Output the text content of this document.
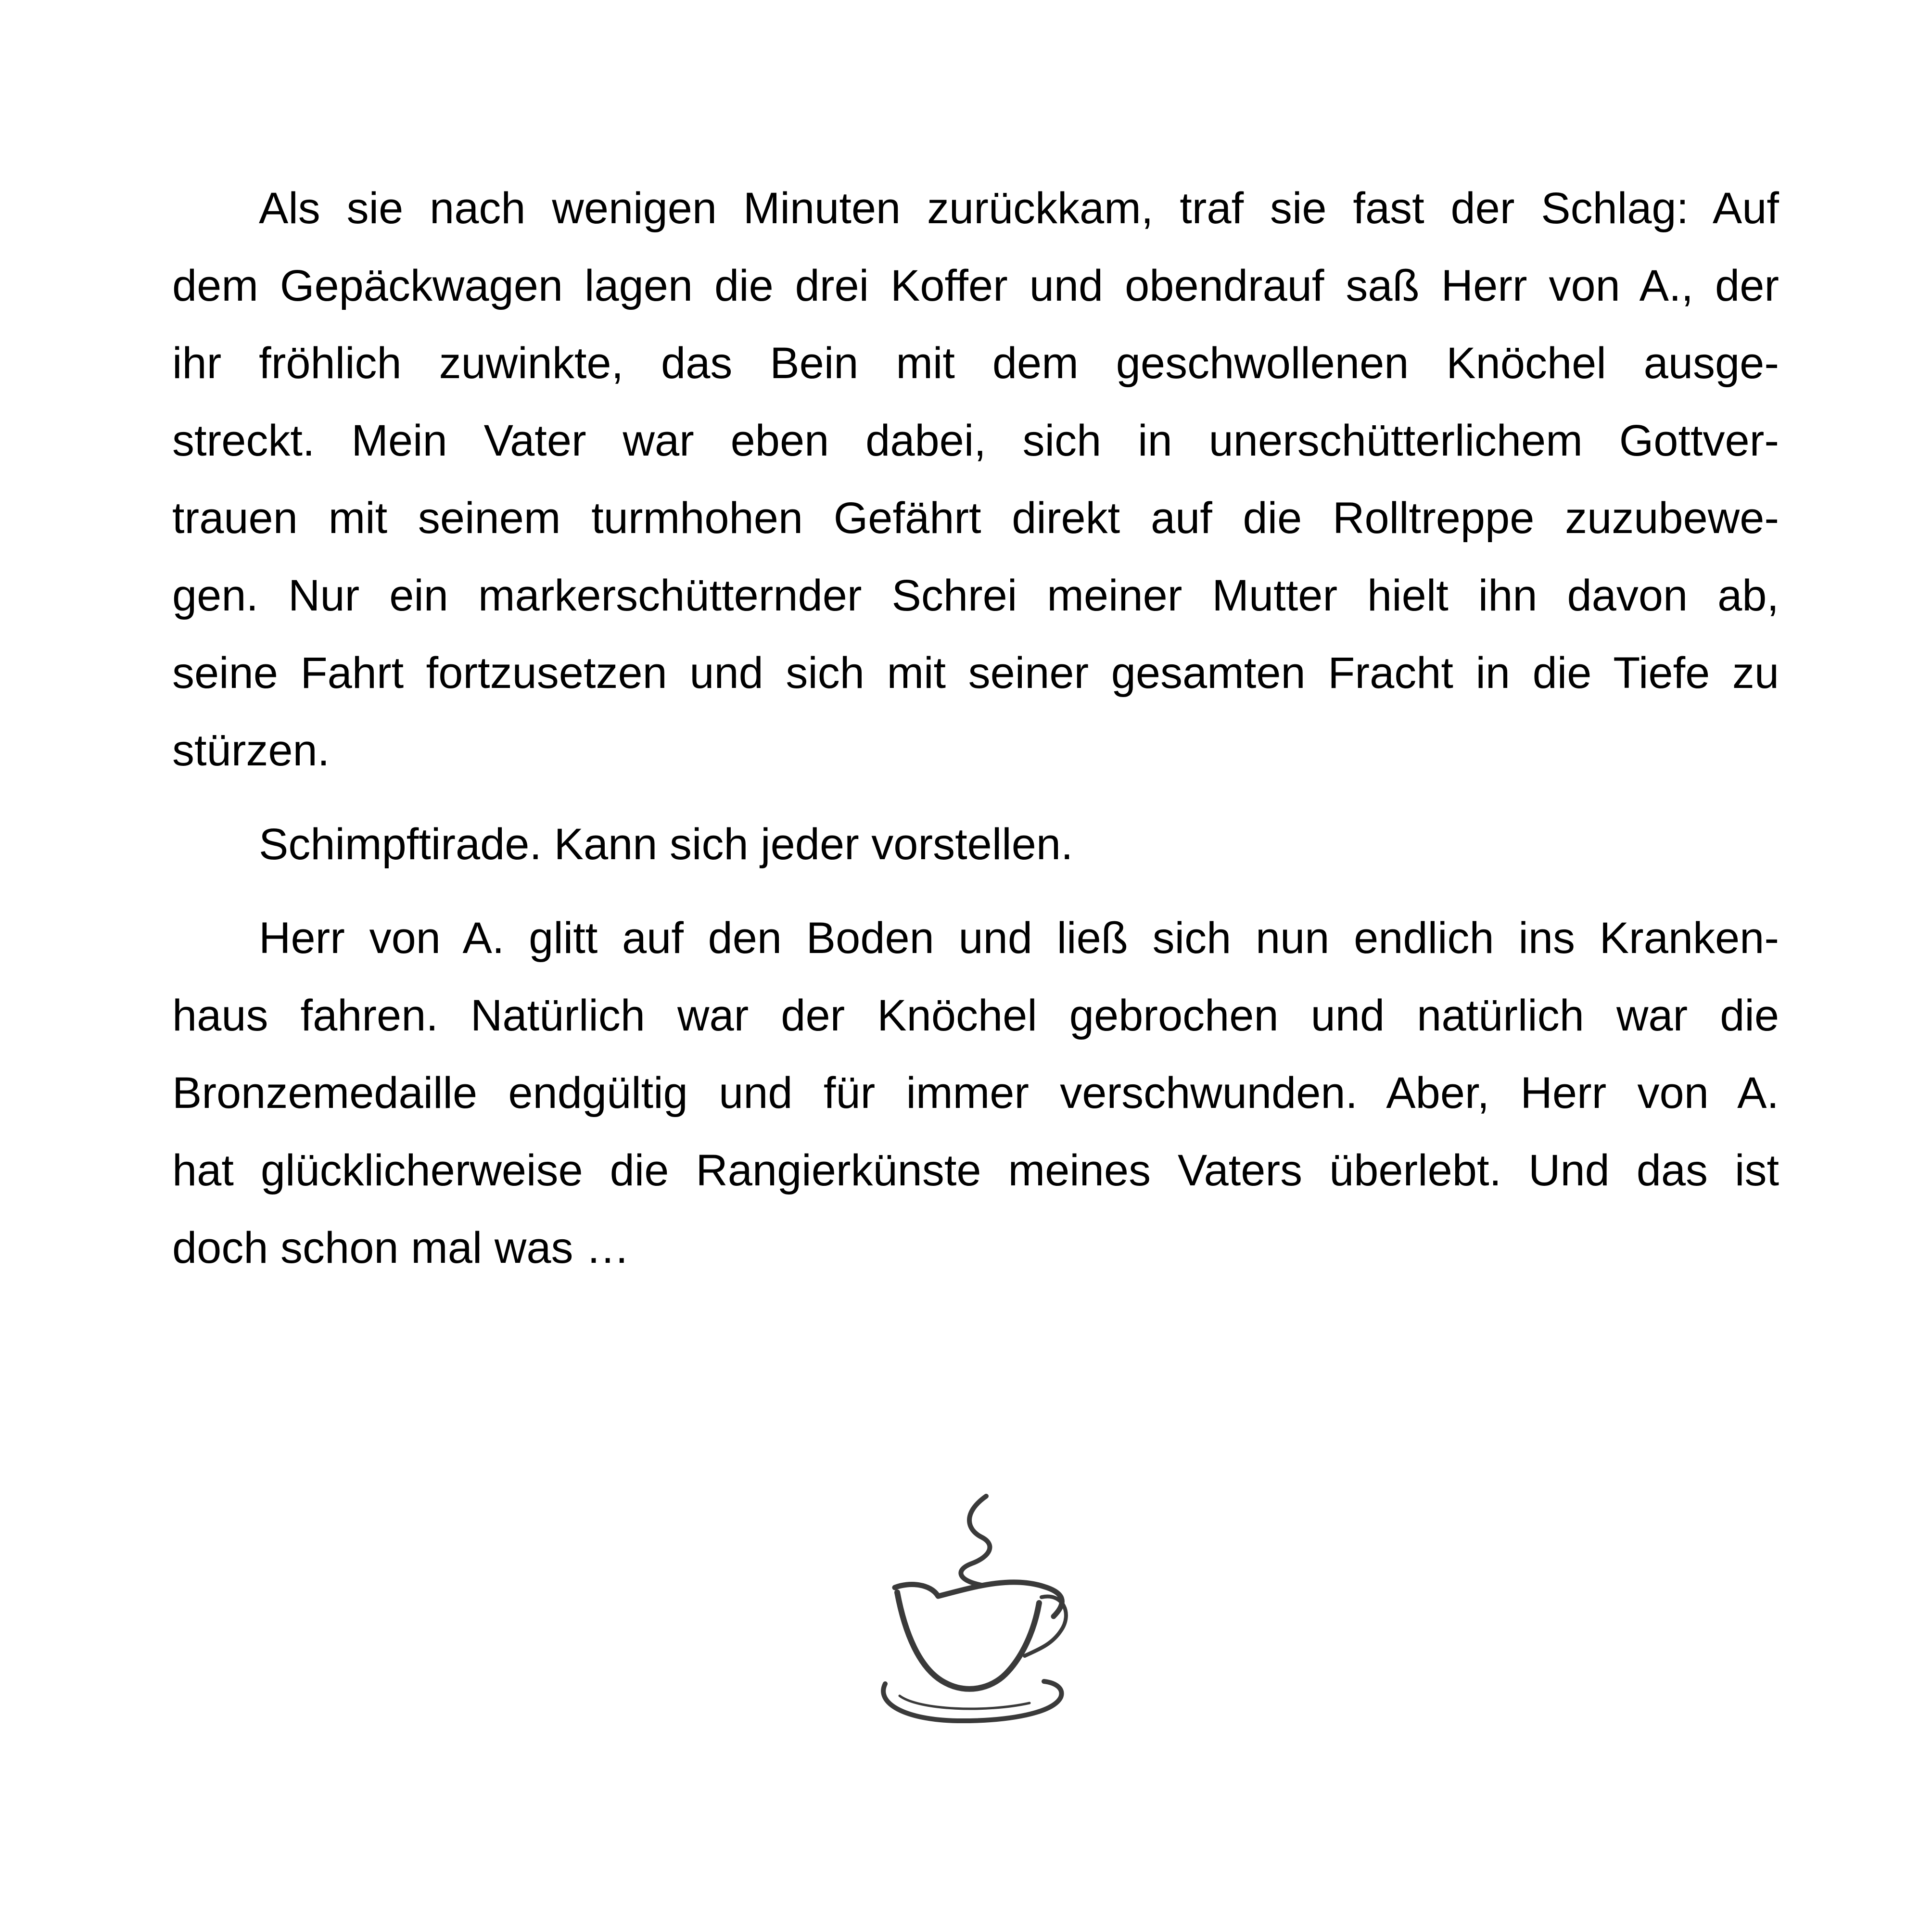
Als sie nach wenigen Minuten zurückkam, traf sie fast der Schlag: Auf
dem Gepäckwagen lagen die drei Koffer und obendrauf saß Herr von A., der
ihr fröhlich zuwinkte, das Bein mit dem geschwollenen Knöchel ausge-
streckt. Mein Vater war eben dabei, sich in unerschütterlichem Gottver-
trauen mit seinem turmhohen Gefährt direkt auf die Rolltreppe zuzubewe-
gen. Nur ein markerschütternder Schrei meiner Mutter hielt ihn davon ab,
seine Fahrt fortzusetzen und sich mit seiner gesamten Fracht in die Tiefe zu
stürzen.
Schimpftirade. Kann sich jeder vorstellen.
Herr von A. glitt auf den Boden und ließ sich nun endlich ins Kranken-
haus fahren. Natürlich war der Knöchel gebrochen und natürlich war die
Bronzemedaille endgültig und für immer verschwunden. Aber, Herr von A.
hat glücklicherweise die Rangierkünste meines Vaters überlebt. Und das ist
doch schon mal was …
